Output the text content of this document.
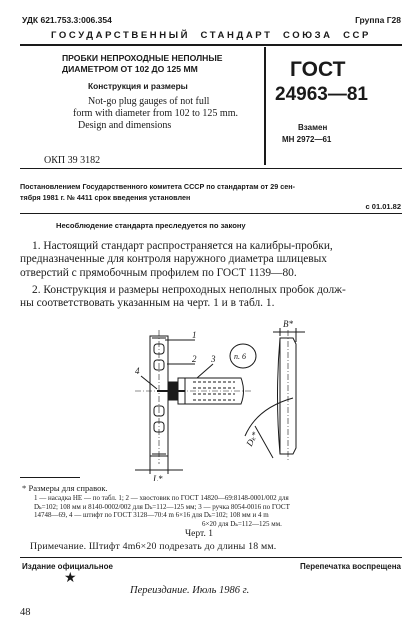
УДК 621.753.3:006.354	Группа Г28
ГОСУДАРСТВЕННЫЙ  СТАНДАРТ  СОЮЗА  ССР
ПРОБКИ НЕПРОХОДНЫЕ НЕПОЛНЫЕ
ДИАМЕТРОМ ОТ 102 ДО 125 ММ
Конструкция и размеры
Not-go plug gauges of not full
form with diameter from 102 to 125 mm.
Design and dimensions
ОКП 39 3182
ГОСТ
24963—81
Взамен
МН 2972—61
Постановлением Государственного комитета СССР по стандартам от 29 сен-
тября 1981 г. № 4411 срок введения установлен
с 01.01.82
Несоблюдение стандарта преследуется по закону
1. Настоящий стандарт распространяется на калибры-пробки,
предназначенные для контроля наружного диаметра шлицевых
отверстий с прямобочным профилем по ГОСТ 1139—80.
2. Конструкция и размеры непроходных неполных пробок долж-
ны соответствовать указанным на черт. 1 и в табл. 1.
1
2 3
4
п. 6
B*
Dₖ*
L*
* Размеры для справок.
1 — насадка НЕ — по табл. 1; 2 — хвостовик по ГОСТ 14820—69:8148-0001/002 для
Dₖ=102; 108 мм и 8140-0002/002 для Dₖ=112—125 мм; 3 — ручка 8054-0016 по ГОСТ
14748—69, 4 — штифт по ГОСТ 3128—70:4 m 6×16 для Dₖ=102; 108 мм и 4 m
6×20 для Dₖ=112—125 мм.
Черт. 1
Примечание. Штифт 4m6×20 подрезать до длины 18 мм.
Издание официальное	Перепечатка воспрещена
★
Переиздание. Июль 1986 г.
48
